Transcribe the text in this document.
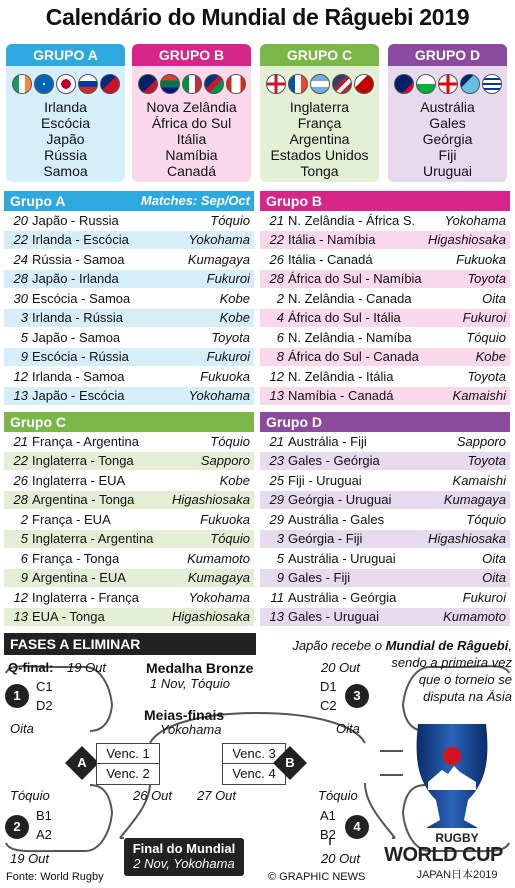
Calendário do Mundial de Râguebi 2019
GRUPO A
Irlanda
Escócia
Japão
Rússia
Samoa
GRUPO B
Nova Zelândia
África do Sul
Itália
Namíbia
Canadá
GRUPO C
Inglaterra
França
Argentina
Estados Unidos
Tonga
GRUPO D
Austrália
Gales
Geórgia
Fiji
Uruguai
Grupo A	Matches: Sep/Oct
20 Japão - Russia	Tóquio
22 Irlanda - Escócia	Yokohama
24 Rússia - Samoa	Kumagaya
28 Japão - Irlanda	Fukuroi
30 Escócia - Samoa	Kobe
3 Irlanda - Rússia	Kobe
5 Japão - Samoa	Toyota
9 Escócia - Rússia	Fukuroi
12 Irlanda - Samoa	Fukuoka
13 Japão - Escócia	Yokohama
Grupo B
21 N. Zelândia - África S.	Yokohama
22 Itália - Namíbia	Higashiosaka
26 Itália - Canadá	Fukuoka
28 África do Sul - Namíbia	Toyota
2 N. Zelândia - Canada	Oita
4 África do Sul - Itália	Fukuroi
6 N. Zelândia - Namíba	Tóquio
8 África do Sul - Canada	Kobe
12 N. Zelândia - Itália	Toyota
13 Namíbia - Canadá	Kamaishi
Grupo C
21 França - Argentina	Tóquio
22 Inglaterra - Tonga	Sapporo
26 Inglaterra - EUA	Kobe
28 Argentina - Tonga	Higashiosaka
2 França - EUA	Fukuoka
5 Inglaterra - Argentina	Tóquio
6 França - Tonga	Kumamoto
9 Argentina - EUA	Kumagaya
12 Inglaterra - França	Yokohama
13 EUA - Tonga	Higashiosaka
Grupo D
21 Austrália - Fiji	Sapporo
23 Gales - Geórgia	Toyota
25 Fiji - Uruguai	Kamaishi
29 Geórgia - Uruguai	Kumagaya
29 Austrália - Gales	Tóquio
3 Geórgia - Fiji	Higashiosaka
5 Austrália - Uruguai	Oita
9 Gales - Fiji	Oita
11 Austrália - Geórgia	Fukuroi
13 Gales - Uruguai	Kumamoto
FASES A ELIMINAR
Q-final: 19 Out	20 Out
Medalha Bronze
1 Nov, Tóquio
Meias-finais
Yokohama
1
C1
D2
Oita
Tóquio
2
B1
A2
19 Out
3
D1
C2
Oita
Tóquio
4
A1
B2
20 Out
A
Venc. 1
Venc. 2
26 Out
Venc. 3
Venc. 4
B
27 Out
Final do Mundial
2 Nov, Yokohama
Japão recebe o Mundial de Râguebi, sendo a primeira vez
que o torneio se
disputa na Ásia
RUGBY
WORLD CUP
JAPAN日本2019
Fonte: World Rugby	© GRAPHIC NEWS
